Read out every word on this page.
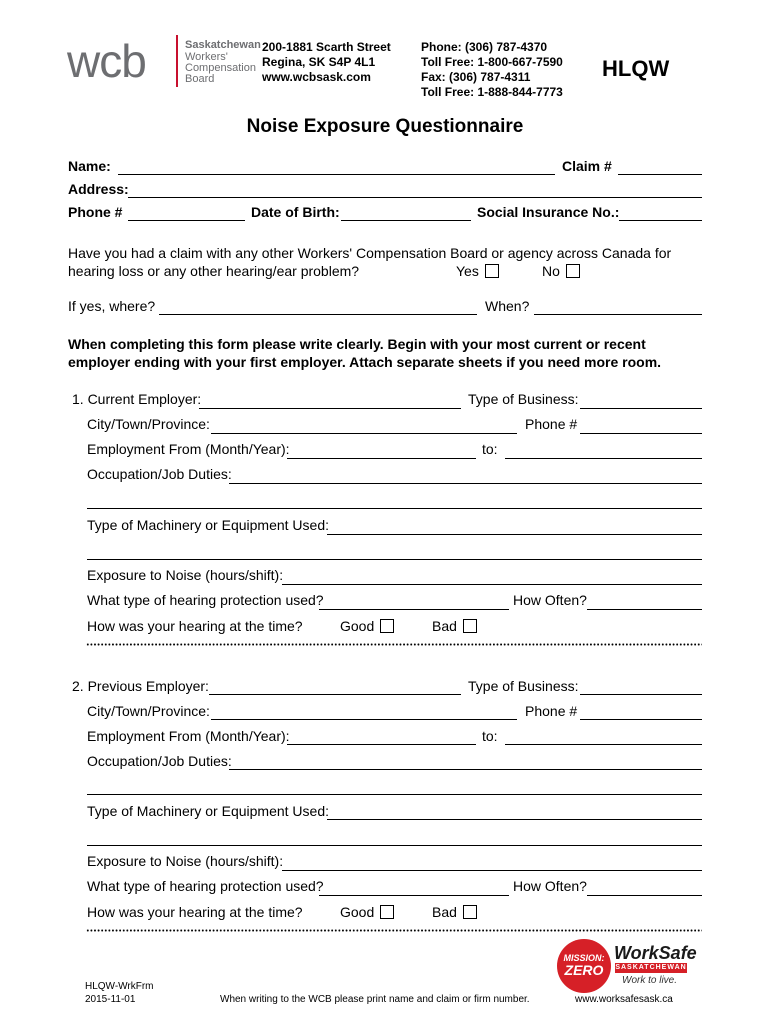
wcb	Saskatchewan
Workers'
Compensation
Board
200-1881 Scarth Street
Regina, SK S4P 4L1
www.wcbsask.com
Phone: (306) 787-4370
Toll Free: 1-800-667-7590
Fax: (306) 787-4311
Toll Free: 1-888-844-7773
HLQW
Noise Exposure Questionnaire
Name:	Claim #
Address:
Phone #	Date of Birth:	Social Insurance No.:
Have you had a claim with any other Workers' Compensation Board or agency across Canada for
hearing loss or any other hearing/ear problem?	Yes	No
If yes, where?	When?
When completing this form please write clearly. Begin with your most current or recent
employer ending with your first employer. Attach separate sheets if you need more room.
1. Current Employer:	Type of Business:
City/Town/Province:	Phone #
Employment From (Month/Year):	to:
Occupation/Job Duties:
Type of Machinery or Equipment Used:
Exposure to Noise (hours/shift):
What type of hearing protection used?	How Often?
How was your hearing at the time?	Good	Bad
2. Previous Employer:	Type of Business:
City/Town/Province:	Phone #
Employment From (Month/Year):	to:
Occupation/Job Duties:
Type of Machinery or Equipment Used:
Exposure to Noise (hours/shift):
What type of hearing protection used?	How Often?
How was your hearing at the time?	Good	Bad
HLQW-WrkFrm
2015-11-01	When writing to the WCB please print name and claim or firm number.
MISSION:
ZERO
WorkSafe
SASKATCHEWAN
Work to live.
www.worksafesask.ca
